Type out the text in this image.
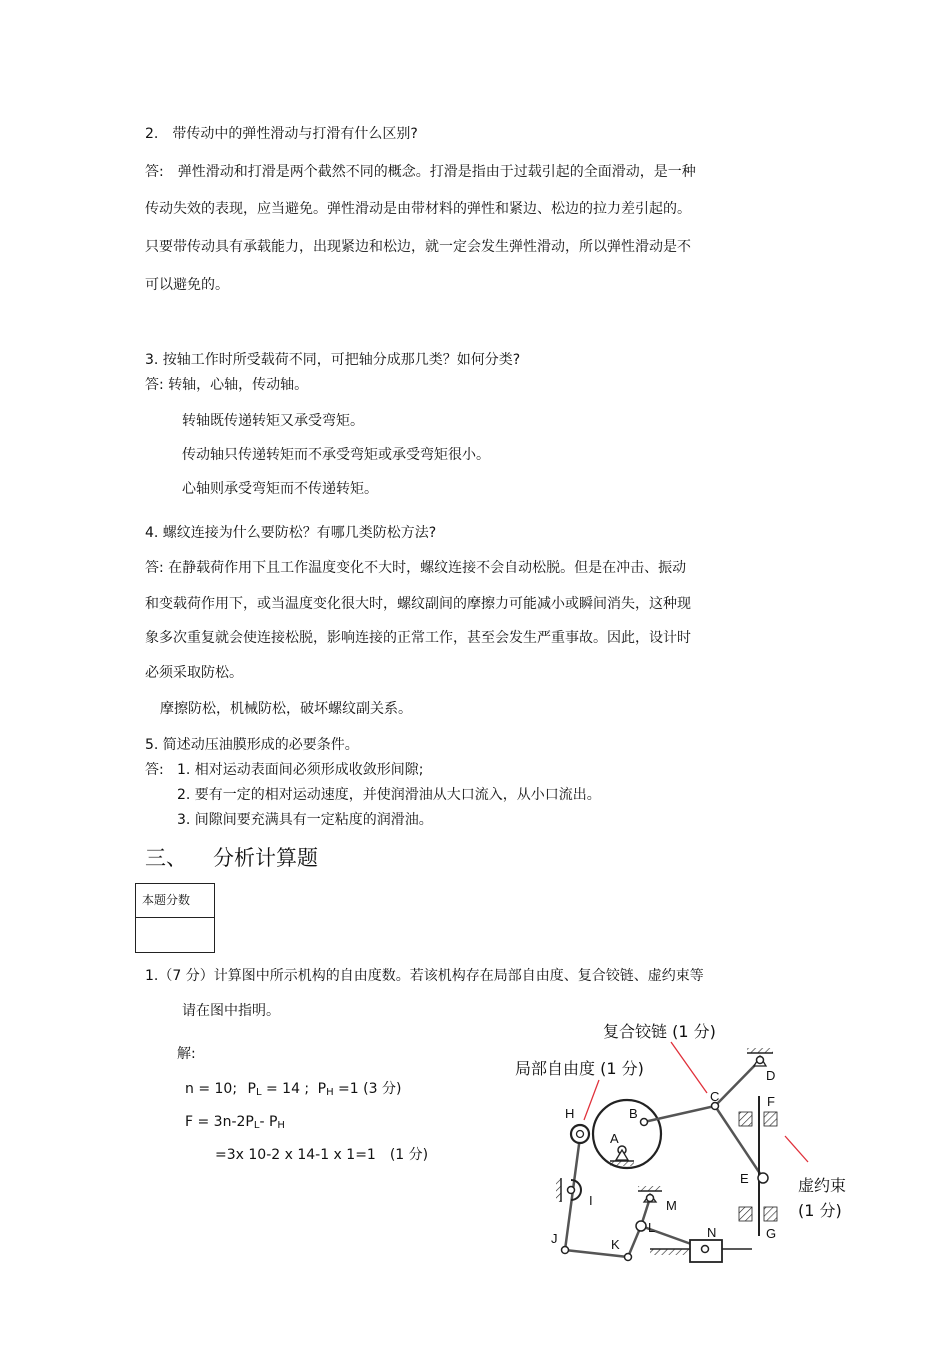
2.　带传动中的弹性滑动与打滑有什么区别?
答:　弹性滑动和打滑是两个截然不同的概念。打滑是指由于过载引起的全面滑动，是一种
传动失效的表现，应当避免。弹性滑动是由带材料的弹性和紧边、松边的拉力差引起的。
只要带传动具有承载能力，出现紧边和松边，就一定会发生弹性滑动，所以弹性滑动是不
可以避免的。
3. 按轴工作时所受载荷不同，可把轴分成那几类？如何分类?
答: 转轴，心轴，传动轴。
转轴既传递转矩又承受弯矩。
传动轴只传递转矩而不承受弯矩或承受弯矩很小。
心轴则承受弯矩而不传递转矩。
4. 螺纹连接为什么要防松？有哪几类防松方法?
答: 在静载荷作用下且工作温度变化不大时，螺纹连接不会自动松脱。但是在冲击、振动
和变载荷作用下，或当温度变化很大时，螺纹副间的摩擦力可能减小或瞬间消失，这种现
象多次重复就会使连接松脱，影响连接的正常工作，甚至会发生严重事故。因此，设计时
必须采取防松。
摩擦防松，机械防松，破坏螺纹副关系。
5. 简述动压油膜形成的必要条件。
答: 1. 相对运动表面间必须形成收敛形间隙;
2. 要有一定的相对运动速度，并使润滑油从大口流入，从小口流出。
3. 间隙间要充满具有一定粘度的润滑油。
三、 分析计算题
本题分数
1.（7 分）计算图中所示机构的自由度数。若该机构存在局部自由度、复合铰链、虚约束等
请在图中指明。
解:
n = 10; $P_L = 14$ ; $P_H =1$ (3 分)
$F = 3n-2P_L-$ $P_H$
=3x 10-2 x 14-1 x 1=1　(1 分)
复合铰链 (1 分)
局部自由度 (1 分)
虚约束
(1 分)
A
B
C
D
E
F
G
H
I
J	K
L
M
N
